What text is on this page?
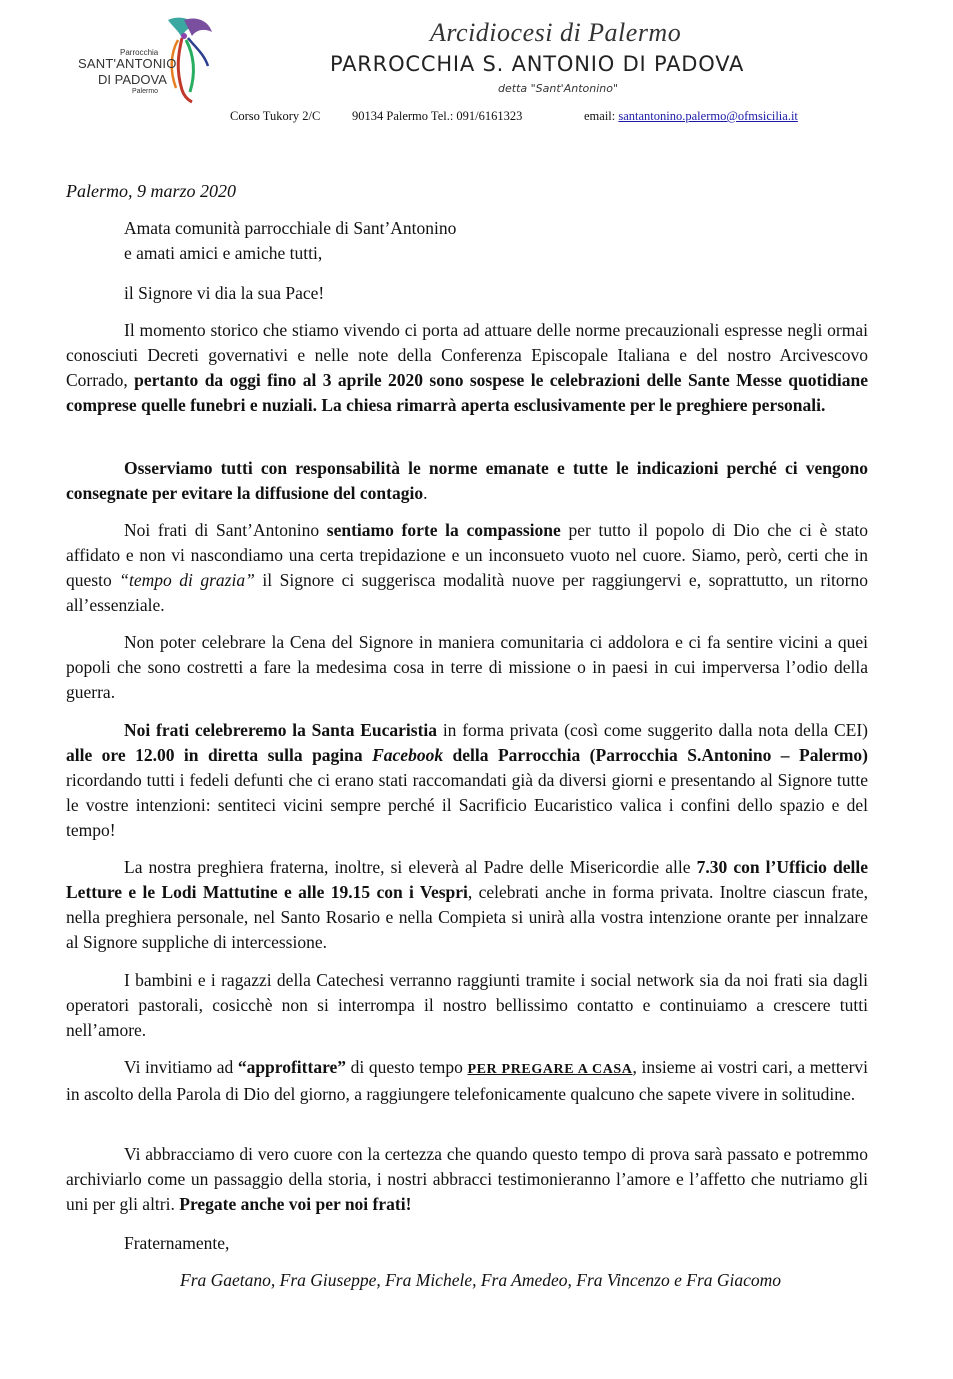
Parrocchia
SANT'ANTONIO
DI PADOVA
Palermo
Arcidiocesi di Palermo
PARROCCHIA S. ANTONIO DI PADOVA
detta "Sant'Antonino"
Corso Tukory 2/C	90134 Palermo Tel.: 091/6161323	email: santantonino.palermo@ofmsicilia.it
Palermo, 9 marzo 2020
Amata comunità parrocchiale di Sant’Antonino
e amati amici e amiche tutti,
il Signore vi dia la sua Pace!
Il momento storico che stiamo vivendo ci porta ad attuare delle norme precauzionali espresse negli ormai conosciuti Decreti governativi e nelle note della Conferenza Episcopale Italiana e del nostro Arcivescovo Corrado, pertanto da oggi fino al 3 aprile 2020 sono sospese le celebrazioni delle Sante Messe quotidiane comprese quelle funebri e nuziali. La chiesa rimarrà aperta esclusivamente per le preghiere personali.
Osserviamo tutti con responsabilità le norme emanate e tutte le indicazioni perché ci vengono consegnate per evitare la diffusione del contagio.
Noi frati di Sant’Antonino sentiamo forte la compassione per tutto il popolo di Dio che ci è stato affidato e non vi nascondiamo una certa trepidazione e un inconsueto vuoto nel cuore. Siamo, però, certi che in questo “tempo di grazia” il Signore ci suggerisca modalità nuove per raggiungervi e, soprattutto, un ritorno all’essenziale.
Non poter celebrare la Cena del Signore in maniera comunitaria ci addolora e ci fa sentire vicini a quei popoli che sono costretti a fare la medesima cosa in terre di missione o in paesi in cui imperversa l’odio della guerra.
Noi frati celebreremo la Santa Eucaristia in forma privata (così come suggerito dalla nota della CEI) alle ore 12.00 in diretta sulla pagina Facebook della Parrocchia (Parrocchia S.Antonino – Palermo) ricordando tutti i fedeli defunti che ci erano stati raccomandati già da diversi giorni e presentando al Signore tutte le vostre intenzioni: sentiteci vicini sempre perché il Sacrificio Eucaristico valica i confini dello spazio e del tempo!
La nostra preghiera fraterna, inoltre, si eleverà al Padre delle Misericordie alle 7.30 con l’Ufficio delle Letture e le Lodi Mattutine e alle 19.15 con i Vespri, celebrati anche in forma privata. Inoltre ciascun frate, nella preghiera personale, nel Santo Rosario e nella Compieta si unirà alla vostra intenzione orante per innalzare al Signore suppliche di intercessione.
I bambini e i ragazzi della Catechesi verranno raggiunti tramite i social network sia da noi frati sia dagli operatori pastorali, cosicchè non si interrompa il nostro bellissimo contatto e continuiamo a crescere tutti nell’amore.
Vi invitiamo ad “approfittare” di questo tempo PER PREGARE A CASA, insieme ai vostri cari, a mettervi in ascolto della Parola di Dio del giorno, a raggiungere telefonicamente qualcuno che sapete vivere in solitudine.
Vi abbracciamo di vero cuore con la certezza che quando questo tempo di prova sarà passato e potremmo archiviarlo come un passaggio della storia, i nostri abbracci testimonieranno l’amore e l’affetto che nutriamo gli uni per gli altri. Pregate anche voi per noi frati!
Fraternamente,
Fra Gaetano, Fra Giuseppe, Fra Michele, Fra Amedeo, Fra Vincenzo e Fra Giacomo
